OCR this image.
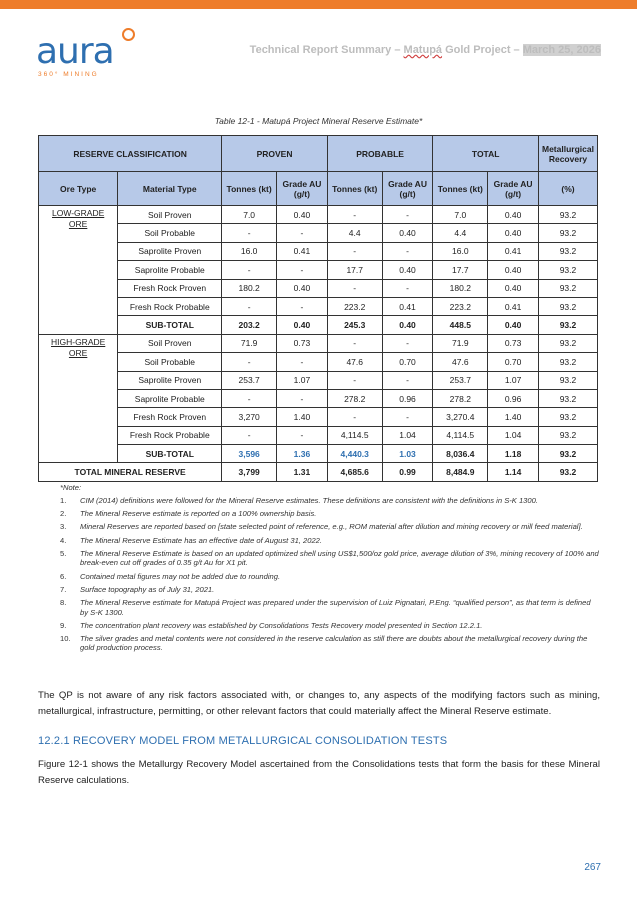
aura
360° MINING
Technical Report Summary – Matupá Gold Project – March 25, 2026
Table 12-1 - Matupá Project Mineral Reserve Estimate*
RESERVE CLASSIFICATION		PROVEN		PROBABLE		TOTAL		Metallurgical Recovery
Ore Type	Material Type	Tonnes (kt)	Grade AU (g/t)	Tonnes (kt)	Grade AU (g/t)	Tonnes (kt)	Grade AU (g/t)	(%)
LOW-GRADE ORE	Soil Proven	7.0	0.40	-	-	7.0	0.40	93.2
	Soil Probable	-	-	4.4	0.40	4.4	0.40	93.2
	Saprolite Proven	16.0	0.41	-	-	16.0	0.41	93.2
	Saprolite Probable	-	-	17.7	0.40	17.7	0.40	93.2
	Fresh Rock Proven	180.2	0.40	-	-	180.2	0.40	93.2
	Fresh Rock Probable	-	-	223.2	0.41	223.2	0.41	93.2
	SUB-TOTAL	203.2	0.40	245.3	0.40	448.5	0.40	93.2
HIGH-GRADE ORE	Soil Proven	71.9	0.73	-	-	71.9	0.73	93.2
	Soil Probable	-	-	47.6	0.70	47.6	0.70	93.2
	Saprolite Proven	253.7	1.07	-	-	253.7	1.07	93.2
	Saprolite Probable	-	-	278.2	0.96	278.2	0.96	93.2
	Fresh Rock Proven	3,270	1.40	-	-	3,270.4	1.40	93.2
	Fresh Rock Probable	-	-	4,114.5	1.04	4,114.5	1.04	93.2
	SUB-TOTAL	3,596	1.36	4,440.3	1.03	8,036.4	1.18	93.2
TOTAL MINERAL RESERVE		3,799	1.31	4,685.6	0.99	8,484.9	1.14	93.2
*Note:
1. CIM (2014) definitions were followed for the Mineral Reserve estimates. These definitions are consistent with the definitions in S-K 1300.
2. The Mineral Reserve estimate is reported on a 100% ownership basis.
3. Mineral Reserves are reported based on [state selected point of reference, e.g., ROM material after dilution and mining recovery or mill feed material].
4. The Mineral Reserve Estimate has an effective date of August 31, 2022.
5. The Mineral Reserve Estimate is based on an updated optimized shell using US$1,500/oz gold price, average dilution of 3%, mining recovery of 100% and break-even cut off grades of 0.35 g/t Au for X1 pit.
6. Contained metal figures may not be added due to rounding.
7. Surface topography as of July 31, 2021.
8. The Mineral Reserve estimate for Matupá Project was prepared under the supervision of Luiz Pignatari, P.Eng. “qualified person”, as that term is defined by S-K 1300.
9. The concentration plant recovery was established by Consolidations Tests Recovery model presented in Section 12.2.1.
10. The silver grades and metal contents were not considered in the reserve calculation as still there are doubts about the metallurgical recovery during the gold production process.
The QP is not aware of any risk factors associated with, or changes to, any aspects of the modifying factors such as mining, metallurgical, infrastructure, permitting, or other relevant factors that could materially affect the Mineral Reserve estimate.
12.2.1 RECOVERY MODEL FROM METALLURGICAL CONSOLIDATION TESTS
Figure 12-1 shows the Metallurgy Recovery Model ascertained from the Consolidations tests that form the basis for these Mineral Reserve calculations.
267
